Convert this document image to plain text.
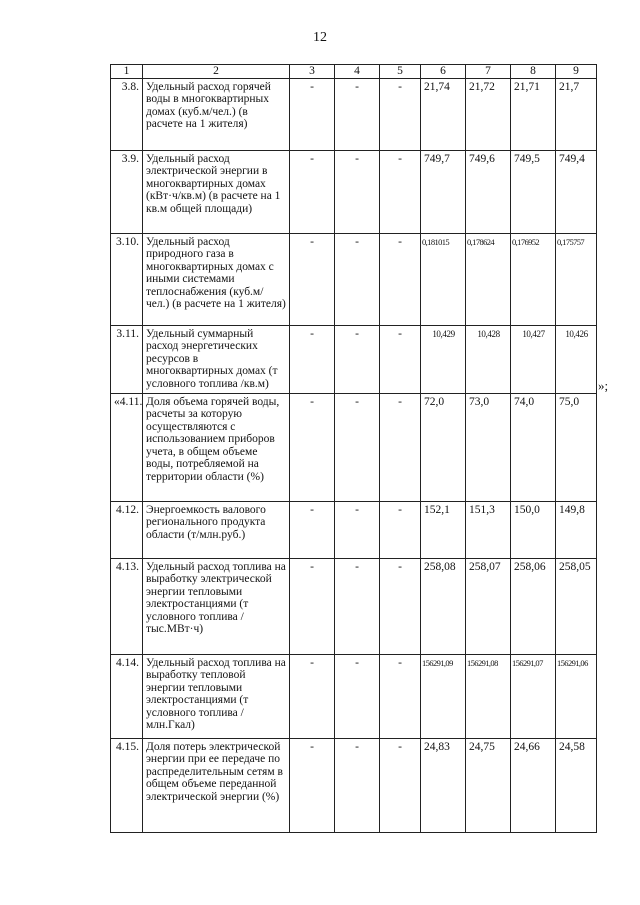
12
1	2	3	4	5	6	7	8	9
3.8.	Удельный расход горячей воды в многоквартирных домах (куб.м/чел.) (в расчете на 1 жителя)	-	-	-	21,74	21,72	21,71	21,7
3.9.	Удельный расход электрической энергии в многоквартирных домах (кВт·ч/кв.м) (в расчете на 1 кв.м общей площади)	-	-	-	749,7	749,6	749,5	749,4
3.10.	Удельный расход природного газа в многоквартирных домах с иными системами теплоснабжения (куб.м/чел.) (в расчете на 1 жителя)	-	-	-	0,181015	0,178624	0,176952	0,175757
3.11.	Удельный суммарный расход энергетических ресурсов в многоквартирных домах (т условного топлива /кв.м)	-	-	-	10,429	10,428	10,427	10,426
«4.11.	Доля объема горячей воды, расчеты за которую осуществляются с использованием приборов учета, в общем объеме воды, потребляемой на территории области (%)	-	-	-	72,0	73,0	74,0	75,0
4.12.	Энергоемкость валового регионального продукта области (т/млн.руб.)	-	-	-	152,1	151,3	150,0	149,8
4.13.	Удельный расход топлива на выработку электрической энергии тепловыми электростанциями (т условного топлива /тыс.МВт·ч)	-	-	-	258,08	258,07	258,06	258,05
4.14.	Удельный расход топлива на выработку тепловой энергии тепловыми электростанциями (т условного топлива /млн.Гкал)	-	-	-	156291,09	156291,08	156291,07	156291,06
4.15.	Доля потерь электрической энергии при ее передаче по распределительным сетям в общем объеме переданной электрической энергии (%)	-	-	-	24,83	24,75	24,66	24,58
»;
